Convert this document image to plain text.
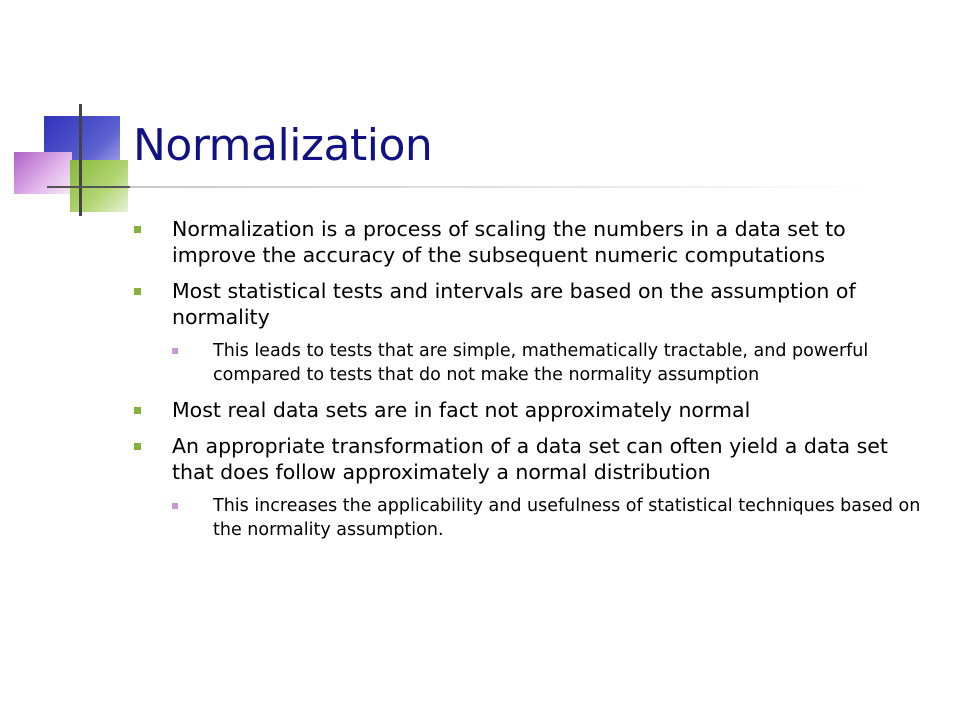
Normalization
Normalization is a process of scaling the numbers in a data set to improve the accuracy of the subsequent numeric computations
Most statistical tests and intervals are based on the assumption of normality
This leads to tests that are simple, mathematically tractable, and powerful compared to tests that do not make the normality assumption
Most real data sets are in fact not approximately normal
An appropriate transformation of a data set can often yield a data set that does follow approximately a normal distribution
This increases the applicability and usefulness of statistical techniques based on the normality assumption.
